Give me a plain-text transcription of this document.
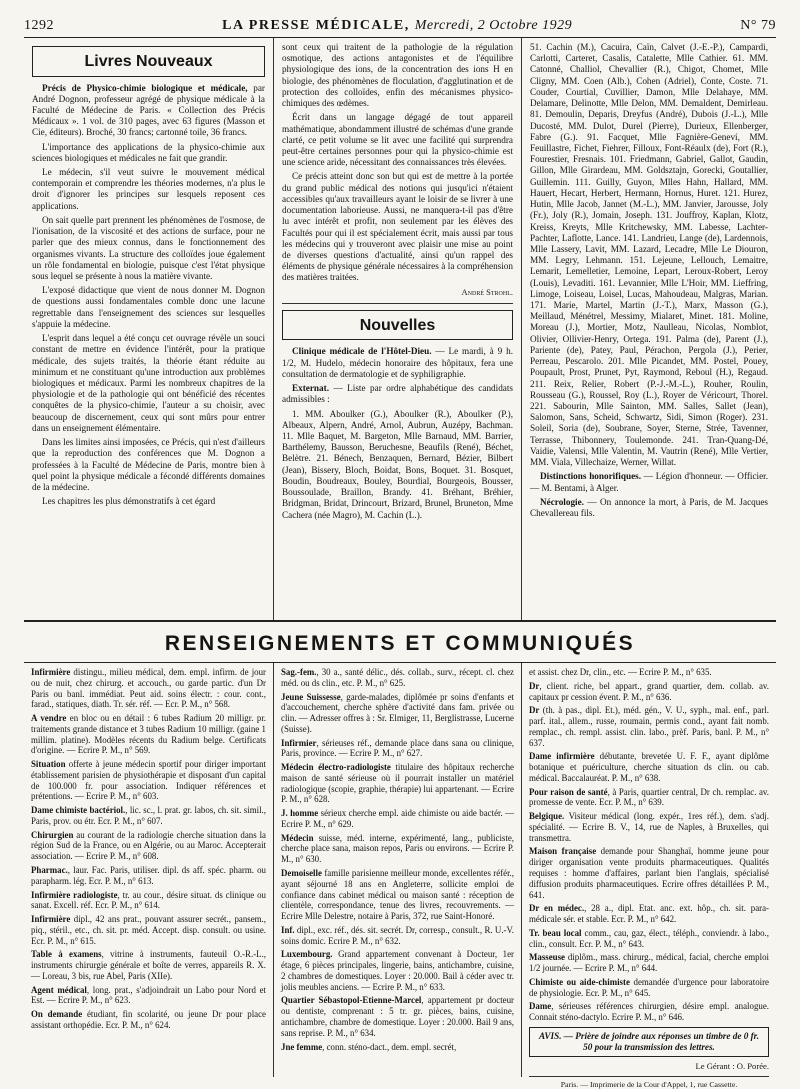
1292	LA PRESSE MÉDICALE, Mercredi, 2 Octobre 1929	N° 79
Livres Nouveaux

Précis de Physico-chimie biologique et médicale, par André Dognon, professeur agrégé de physique médicale à la Faculté de Médecine de Paris. « Collection des Précis Médicaux ». 1 vol. de 310 pages, avec 63 figures (Masson et Cie, éditeurs). Broché, 30 francs; cartonné toile, 36 francs.

L'importance des applications de la physico-chimie aux sciences biologiques et médicales ne fait que grandir.

Le médecin, s'il veut suivre le mouvement médical contemporain et comprendre les théories modernes, n'a plus le droit d'ignorer les principes sur lesquels reposent ces applications.

On sait quelle part prennent les phénomènes de l'osmose, de l'ionisation, de la viscosité et des actions de surface, pour ne parler que des mieux connus, dans le fonctionnement des organismes vivants. La structure des colloïdes joue également un rôle fondamental en biologie, puisque c'est l'état physique sous lequel se présente à nous la matière vivante.

L'exposé didactique que vient de nous donner M. Dognon de questions aussi fondamentales comble donc une lacune regrettable dans l'enseignement des sciences sur lesquelles s'appuie la médecine.

L'esprit dans lequel a été conçu cet ouvrage révèle un souci constant de mettre en évidence l'intérêt, pour la pratique médicale, des sujets traités, la théorie étant réduite au minimum et ne constituant qu'une introduction aux problèmes biologiques et médicaux. Parmi les nombreux chapitres de la physiologie et de la pathologie qui ont bénéficié des récentes conquêtes de la physico-chimie, l'auteur a su choisir, avec beaucoup de discernement, ceux qui sont mûrs pour entrer dans un enseignement élémentaire.

Dans les limites ainsi imposées, ce Précis, qui n'est d'ailleurs que la reproduction des conférences que M. Dognon a professées à la Faculté de Médecine de Paris, montre bien à quel point la physique médicale a fécondé différents domaines de la médecine.

Les chapitres les plus démonstratifs à cet égard

sont ceux qui traitent de la pathologie de la régulation osmotique, des actions antagonistes et de l'équilibre physiologique des ions, de la concentration des ions H en biologie, des phénomènes de floculation, d'agglutination et de protection des colloïdes, enfin des mécanismes physico-chimiques des œdèmes.

Écrit dans un langage dégagé de tout appareil mathématique, abondamment illustré de schémas d'une grande clarté, ce petit volume se lit avec une facilité qui surprendra peut-être certaines personnes pour qui la physico-chimie est une science aride, nécessitant des connaissances très élevées.

Ce précis atteint donc son but qui est de mettre à la portée du grand public médical des notions qui jusqu'ici n'étaient accessibles qu'aux travailleurs ayant le loisir de se livrer à une documentation laborieuse. Aussi, ne manquera-t-il pas d'être lu avec intérêt et profit, non seulement par les élèves des Facultés pour qui il est spécialement écrit, mais aussi par tous les médecins qui y trouveront avec plaisir une mise au point de diverses questions d'actualité, ainsi qu'un rappel des éléments de physique générale nécessaires à la compréhension des matières traitées.

André Strohl.
Nouvelles

Clinique médicale de l'Hôtel-Dieu. — Le mardi, à 9 h. 1/2, M. Hudelo, médecin honoraire des hôpitaux, fera une consultation de dermatologie et de syphiligraphie.

Externat. — Liste par ordre alphabétique des candidats admissibles :

1. MM. Aboulker (G.), Aboulker (R.), Aboulker (P.), Albeaux, Alpern, André, Arnol, Aubrun, Auzépy, Bachman. 11. Mlle Baquet, M. Bargeton, Mlle Barnaud, MM. Barrier, Barthélemy, Bausson, Beruchesne, Beaufils (René), Béchet, Belètre. 21. Bénech, Benzaquen, Bernard, Bézier, Bilbert (Jean), Bissery, Bloch, Boidat, Bons, Boquet. 31. Bosquet, Boudin, Boudreaux, Bouley, Bourdial, Bourgeois, Bousser, Boussoulade, Braillon, Brandy. 41. Bréhant, Bréhier, Bridgman, Bridat, Drincourt, Brizard, Brunel, Bruneton, Mme Cachera (née Magro), M. Cachin (L.).

51. Cachin (M.), Cacuira, Caïn, Calvet (J.-E.-P.), Campardi, Carlotti, Carteret, Casalis, Catalette, Mlle Cathier. 61. MM. Catonné, Challiol, Chevallier (R.), Chigot, Chomet, Mlle Cligny, MM. Coen (Alb.), Cohen (Adriel), Conte, Coste. 71. Couder, Courtial, Cuvillier, Damon, Mlle Delahaye, MM. Delamare, Delinotte, Mlle Delon, MM. Demaldent, Demirleau. 81. Demoulin, Deparis, Dreyfus (André), Dubois (J.-L.), Mlle Ducosté, MM. Dulot, Durel (Pierre), Durieux, Ellenberger, Fabre (G.). 91. Facquet, Mlle Fagnière-Geneví, MM. Feuillastre, Fichet, Fiehrer, Filloux, Font-Réaulx (de), Fort (R.), Fourestier, Fresnais. 101. Friedmann, Gabriel, Gallot, Gaudin, Gillon, Mlle Girardeau, MM. Goldsztajn, Gorecki, Goutallier, Guillemin. 111. Guilly, Guyon, Mlles Hahn, Hallard, MM. Hauert, Hecart, Herbert, Hermann, Hornus, Huret. 121. Hurez, Hutin, Mlle Jacob, Jannet (M.-L.), MM. Janvier, Jarousse, Joly (Fr.), Joly (R.), Jomain, Joseph. 131. Jouffroy, Kaplan, Klotz, Kreiss, Kreyts, Mlle Kritchewsky, MM. Labesse, Lachter-Pachter, Laflotte, Lance. 141. Landrieu, Lange (de), Lardennois, Mlle Lassery, Lavit, MM. Lazard, Lecadre, Mlle Le Diouron, MM. Legry, Lehmann. 151. Lejeune, Lellouch, Lemaitre, Lemarit, Lemelletier, Lemoine, Lepart, Leroux-Robert, Leroy (Louis), Levaditi. 161. Levannier, Mlle L'Hoir, MM. Lieffring, Limoge, Loiseau, Loisel, Lucas, Mahoudeau, Malgras, Marian. 171. Marie, Martel, Martin (J.-T.), Marx, Masson (G.), Meillaud, Ménétrel, Messimy, Mialaret, Minet. 181. Moline, Moreau (J.), Mortier, Motz, Naulleau, Nicolas, Nomblot, Olivier, Ollivier-Henry, Ortega. 191. Palma (de), Parent (J.), Pariente (de), Patey, Paul, Pérachon, Pergola (J.), Perier, Perreau, Pescarolo. 201. Mlle Picandet, MM. Postel, Pouey, Poupault, Prost, Prunet, Pyt, Raymond, Reboul (H.), Regaud. 211. Reix, Relier, Robert (P.-J.-M.-L.), Rouher, Roulin, Rousseau (G.), Roussel, Roy (L.), Royer de Véricourt, Thorel. 221. Sabourin, Mlle Sainton, MM. Salles, Sallet (Jean), Salomon, Sans, Scheid, Schwartz, Sidi, Simon (Roger). 231. Soleil, Soria (de), Soubrane, Soyer, Sterne, Strée, Tavenner, Terrasse, Thibonnery, Toulemonde. 241. Tran-Quang-Dé, Vaidie, Valensi, Mlle Valentin, M. Vautrin (René), Mlle Vertier, MM. Viala, Villechaize, Werner, Willat.

Distinctions honorifiques. — Légion d'honneur. — Officier. — M. Bentami, à Alger.

Nécrologie. — On annonce la mort, à Paris, de M. Jacques Chevallereau fils.

RENSEIGNEMENTS ET COMMUNIQUÉS

Infirmière distingu., milieu médical, dem. empl. infirm. de jour ou de nuit, chez chirurg. et accouch., ou garde partic. d'un Dr Paris ou banl. immédiat. Peut aid. soins électr. : cour. cont., farad., statiques, diath. Tr. sér. réf. — Ecr. P. M., n° 568.

A vendre en bloc ou en détail : 6 tubes Radium 20 milligr. pr. traitements grande distance et 3 tubes Radium 10 milligr. (gaine 1 millim. platine). Modèles récents du Radium belge. Certificats d'origine. — Ecrire P. M., n° 569.

Situation offerte à jeune médecin sportif pour diriger important établissement parisien de physiothérapie et disposant d'un capital de 100.000 fr. pour association. Indiquer références et prétentions. — Ecrire P. M., n° 603.

Dame chimiste bactériol., lic. sc., l. prat. gr. labos, ch. sit. simil., Paris, prov. ou étr. Ecr. P. M., n° 607.

Chirurgien au courant de la radiologie cherche situation dans la région Sud de la France, ou en Algérie, ou au Maroc. Accepterait association. — Ecrire P. M., n° 608.

Pharmac., laur. Fac. Paris, utiliser. dipl. ds aff. spéc. pharm. ou parapharm. lég. Ecr. P. M., n° 613.

Infirmière radiologiste, tr. au cour., désire situat. ds clinique ou sanat. Excell. réf. Ecr. P. M., n° 614.

Infirmière dipl., 42 ans prat., pouvant assurer secrét., pansem., piq., stéril., etc., ch. sit. pr. méd. Accept. disp. consult. ou usine. Ecr. P. M., n° 615.

Table à examens, vitrine à instruments, fauteuil O.-R.-L., instruments chirurgie générale et boîte de verres, appareils R. X. — Loreau, 3 bis, rue Abel, Paris (XIIe).

Agent médical, long. prat., s'adjoindrait un Labo pour Nord et Est. — Ecrire P. M., n° 623.

On demande étudiant, fin scolarité, ou jeune Dr pour place assistant orthopédie. Ecr. P. M., n° 624.

Sag.-fem., 30 a., santé délic., dés. collab., surv., récept. cl. chez méd. ou ds clin., etc. P. M., n° 625.

Jeune Suissesse, garde-malades, diplômée pr soins d'enfants et d'accouchement, cherche sphère d'activité dans fam. privée ou clin. — Adresser offres à : Sr. Elmiger, 11, Berglistrasse, Lucerne (Suisse).

Infirmier, sérieuses réf., demande place dans sana ou clinique, Paris, province. — Ecrire P. M., n° 627.

Médecin électro-radiologiste titulaire des hôpitaux recherche maison de santé sérieuse où il pourrait installer un matériel radiologique (scopie, graphie, thérapie) lui appartenant. — Ecrire P. M., n° 628.

J. homme sérieux cherche empl. aide chimiste ou aide bactér. — Ecrire P. M., n° 629.

Médecin suisse, méd. interne, expérimenté, lang., publiciste, cherche place sana, maison repos, Paris ou environs. — Ecrire P. M., n° 630.

Demoiselle famille parisienne meilleur monde, excellentes référ., ayant séjourné 18 ans en Angleterre, sollicite emploi de confiance dans cabinet médical ou maison santé : réception de clientèle, correspondance, tenue des livres, recouvrements. — Ecrire Mlle Delestre, notaire à Paris, 372, rue Saint-Honoré.

Inf. dipl., exc. réf., dés. sit. secrét. Dr, corresp., consult., R. U.-V. soins domic. Ecrire P. M., n° 632.

Luxembourg. Grand appartement convenant à Docteur, 1er étage, 6 pièces principales, lingerie, bains, antichambre, cuisine, 2 chambres de domestiques. Loyer : 20.000. Bail à céder avec tr. jolis meubles anciens. — Ecrire P. M., n° 633.

Quartier Sébastopol-Etienne-Marcel, appartement pr docteur ou dentiste, comprenant : 5 tr. gr. pièces, bains, cuisine, antichambre, chambre de domestique. Loyer : 20.000. Bail 9 ans, sans reprise. P. M., n° 634.

Jne femme, conn. sténo-dact., dem. empl. secrét,

et assist. chez Dr, clin., etc. — Ecrire P. M., n° 635.

Dr, client. riche, bel appart., grand quartier, dem. collab. av. capitaux pr cession évent. P. M., n° 636.

Dr (th. à pas., dipl. Et.), méd. gén., V. U., syph., mal. enf., parl. parf. ital., allem., russe, roumain, permis cond., ayant fait nomb. remplac., ch. rempl. assist. clin. labo., prèf. Paris, banl. P. M., n° 637.

Dame infirmière débutante, brevetée U. F. F., ayant diplôme botanique et puériculture, cherche situation ds clin. ou cab. médical. Baccalauréat. P. M., n° 638.

Pour raison de santé, à Paris, quartier central, Dr ch. remplac. av. promesse de vente. Ecr. P. M., n° 639.

Belgique. Visiteur médical (long. expér., 1res réf.), dem. s'adj. spécialité. — Ecrire B. V., 14, rue de Naples, à Bruxelles, qui transmettra.

Maison française demande pour Shanghaï, homme jeune pour diriger organisation vente produits pharmaceutiques. Qualités requises : homme d'affaires, parlant bien l'anglais, spécialisé diffusion produits pharmaceutiques. Ecrire offres détaillées P. M., 641.

Dr en médec., 28 a., dipl. Etat. anc. ext. hôp., ch. sit. para-médicale sér. et stable. Ecr. P. M., n° 642.

Tr. beau local comm., cau, gaz, élect., téléph., conviendr. à labo., clin., consult. Ecr. P. M., n° 643.

Masseuse diplôm., mass. chirurg., médical, facial, cherche emploi 1/2 journée. — Ecrire P. M., n° 644.

Chimiste ou aide-chimiste demandée d'urgence pour laboratoire de physiologie. Ecr. P. M., n° 645.

Dame, sérieuses références chirurgien, désire empl. analogue. Connait sténo-dactylo. Ecrire P. M., n° 646.

AVIS. — Prière de joindre aux réponses un timbre de 0 fr. 50 pour la transmission des lettres.
Le Gérant : O. Porée.
Paris. — Imprimerie de la Cour d'Appel, 1, rue Cassette.
